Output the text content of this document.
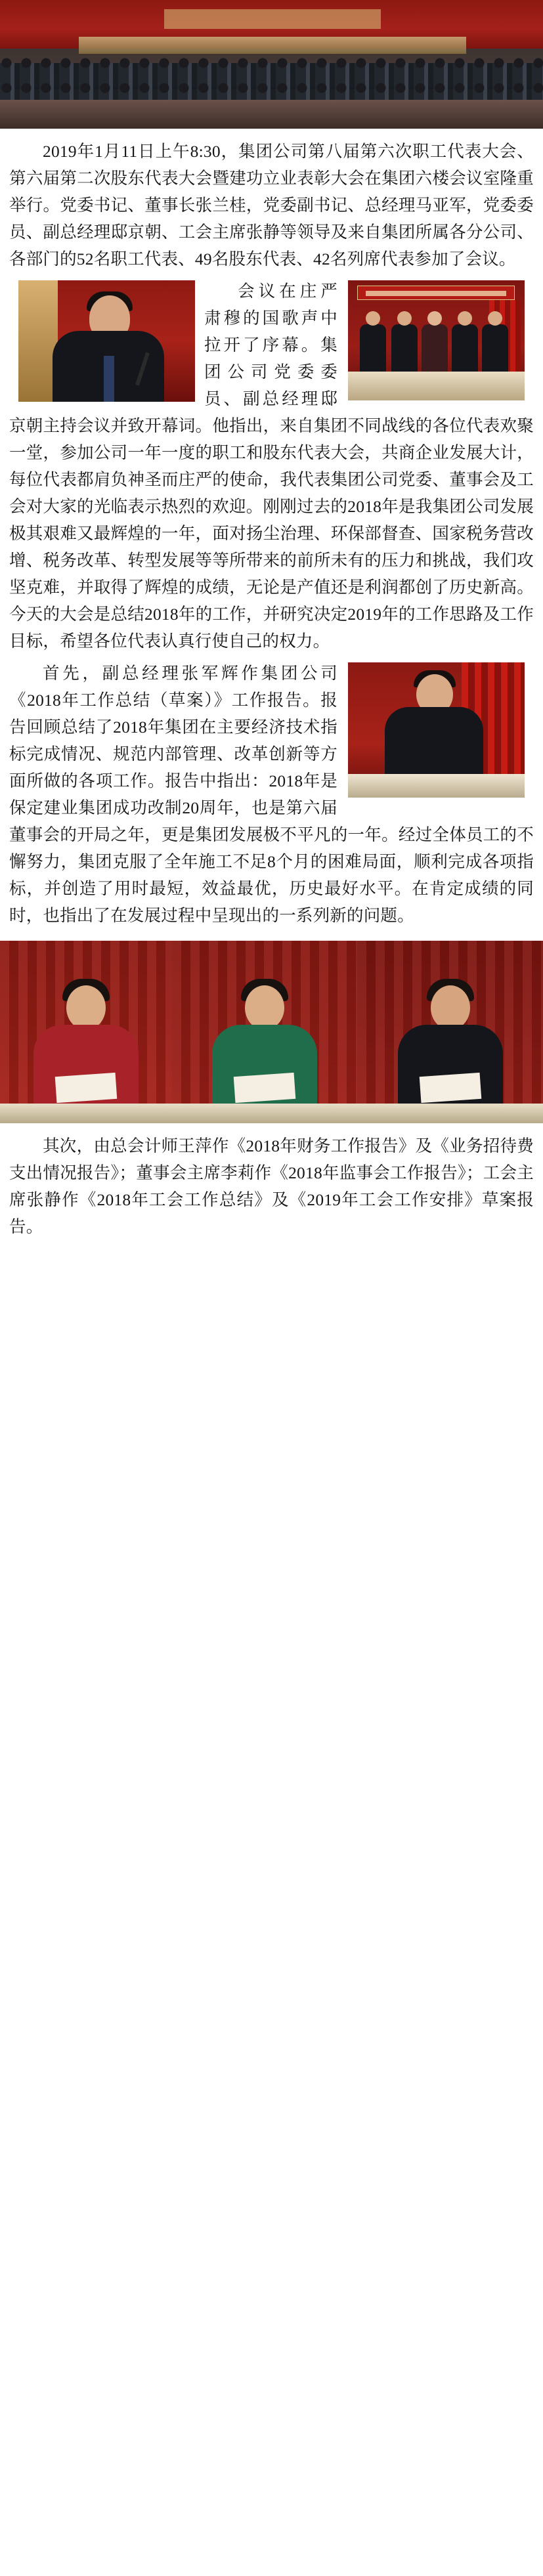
2019年1月11日上午8:30，集团公司第八届第六次职工代表大会、第六届第二次股东代表大会暨建功立业表彰大会在集团六楼会议室隆重举行。党委书记、董事长张兰桂，党委副书记、总经理马亚军，党委委员、副总经理邸京朝、工会主席张静等领导及来自集团所属各分公司、各部门的52名职工代表、49名股东代表、42名列席代表参加了会议。

会议在庄严肃穆的国歌声中拉开了序幕。集团公司党委委员、副总经理邸京朝主持会议并致开幕词。他指出，来自集团不同战线的各位代表欢聚一堂，参加公司一年一度的职工和股东代表大会，共商企业发展大计，每位代表都肩负神圣而庄严的使命，我代表集团公司党委、董事会及工会对大家的光临表示热烈的欢迎。刚刚过去的2018年是我集团公司发展极其艰难又最辉煌的一年，面对扬尘治理、环保部督查、国家税务营改增、税务改革、转型发展等等所带来的前所未有的压力和挑战，我们攻坚克难，并取得了辉煌的成绩，无论是产值还是利润都创了历史新高。今天的大会是总结2018年的工作，并研究决定2019年的工作思路及工作目标，希望各位代表认真行使自己的权力。

首先，副总经理张军辉作集团公司《2018年工作总结（草案）》工作报告。报告回顾总结了2018年集团在主要经济技术指标完成情况、规范内部管理、改革创新等方面所做的各项工作。报告中指出：2018年是保定建业集团成功改制20周年，也是第六届董事会的开局之年，更是集团发展极不平凡的一年。经过全体员工的不懈努力，集团克服了全年施工不足8个月的困难局面，顺利完成各项指标，并创造了用时最短，效益最优，历史最好水平。在肯定成绩的同时，也指出了在发展过程中呈现出的一系列新的问题。

其次，由总会计师王萍作《2018年财务工作报告》及《业务招待费支出情况报告》；董事会主席李莉作《2018年监事会工作报告》；工会主席张静作《2018年工会工作总结》及《2019年工会工作安排》草案报告。
